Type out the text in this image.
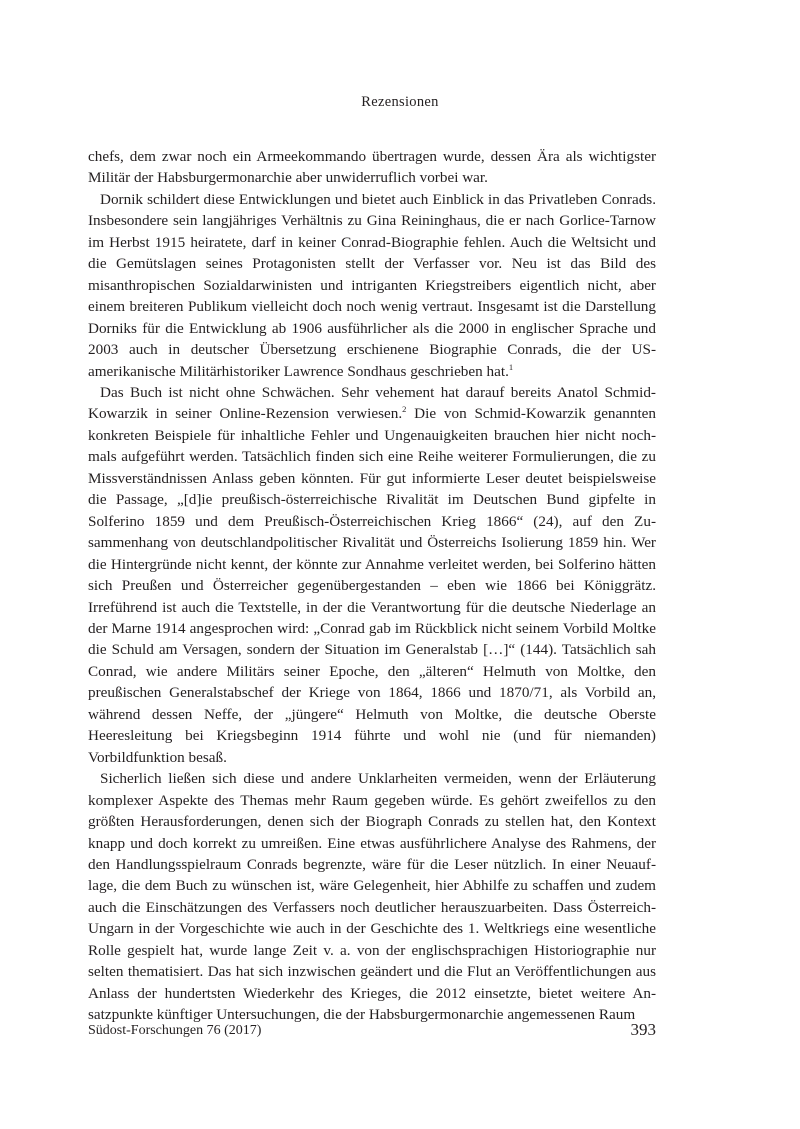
Rezensionen

chefs, dem zwar noch ein Armeekommando übertragen wurde, dessen Ära als wichtigster Militär der Habsburgermonarchie aber unwiderruflich vorbei war.

Dornik schildert diese Entwicklungen und bietet auch Einblick in das Privatleben Conrads. Insbesondere sein langjähriges Verhältnis zu Gina Reininghaus, die er nach Gorlice-Tarnow im Herbst 1915 heiratete, darf in keiner Conrad-Biographie fehlen. Auch die Weltsicht und die Gemütslagen seines Protagonisten stellt der Verfasser vor. Neu ist das Bild des misanthropischen Sozialdarwinisten und intriganten Kriegstreibers eigentlich nicht, aber einem breiteren Publikum vielleicht doch noch wenig vertraut. Insgesamt ist die Darstellung Dorniks für die Entwicklung ab 1906 ausführlicher als die 2000 in englischer Sprache und 2003 auch in deutscher Übersetzung erschienene Biographie Conrads, die der US-amerikanische Militärhistoriker Lawrence Sondhaus geschrieben hat.$^1$

Das Buch ist nicht ohne Schwächen. Sehr vehement hat darauf bereits Anatol Schmid-Kowarzik in seiner Online-Rezension verwiesen.$^2$ Die von Schmid-Kowarzik genannten konkreten Beispiele für inhaltliche Fehler und Ungenauigkeiten brauchen hier nicht nochmals aufgeführt werden. Tatsächlich finden sich eine Reihe weiterer Formulierungen, die zu Missverständnissen Anlass geben könnten. Für gut informierte Leser deutet beispielsweise die Passage, „[d]ie preußisch-österreichische Rivalität im Deutschen Bund gipfelte in Solferino 1859 und dem Preußisch-Österreichischen Krieg 1866“ (24), auf den Zusammenhang von deutschlandpolitischer Rivalität und Österreichs Isolierung 1859 hin. Wer die Hintergründe nicht kennt, der könnte zur Annahme verleitet werden, bei Solferino hätten sich Preußen und Österreicher gegenübergestanden – eben wie 1866 bei Königgrätz. Irreführend ist auch die Textstelle, in der die Verantwortung für die deutsche Niederlage an der Marne 1914 angesprochen wird: „Conrad gab im Rückblick nicht seinem Vorbild Moltke die Schuld am Versagen, sondern der Situation im Generalstab […]“ (144). Tatsächlich sah Conrad, wie andere Militärs seiner Epoche, den „älteren“ Helmuth von Moltke, den preußischen Generalstabschef der Kriege von 1864, 1866 und 1870/71, als Vorbild an, während dessen Neffe, der „jüngere“ Helmuth von Moltke, die deutsche Oberste Heeresleitung bei Kriegsbeginn 1914 führte und wohl nie (und für niemanden) Vorbildfunktion besaß.

Sicherlich ließen sich diese und andere Unklarheiten vermeiden, wenn der Erläuterung komplexer Aspekte des Themas mehr Raum gegeben würde. Es gehört zweifellos zu den größten Herausforderungen, denen sich der Biograph Conrads zu stellen hat, den Kontext knapp und doch korrekt zu umreißen. Eine etwas ausführlichere Analyse des Rahmens, der den Handlungsspielraum Conrads begrenzte, wäre für die Leser nützlich. In einer Neuauflage, die dem Buch zu wünschen ist, wäre Gelegenheit, hier Abhilfe zu schaffen und zudem auch die Einschätzungen des Verfassers noch deutlicher herauszuarbeiten. Dass Österreich-Ungarn in der Vorgeschichte wie auch in der Geschichte des 1. Weltkriegs eine wesentliche Rolle gespielt hat, wurde lange Zeit v. a. von der englischsprachigen Historiographie nur selten thematisiert. Das hat sich inzwischen geändert und die Flut an Veröffentlichungen aus Anlass der hundertsten Wiederkehr des Krieges, die 2012 einsetzte, bietet weitere Ansatzpunkte künftiger Untersuchungen, die der Habsburgermonarchie angemessenen Raum

Südost-Forschungen 76 (2017)	393
